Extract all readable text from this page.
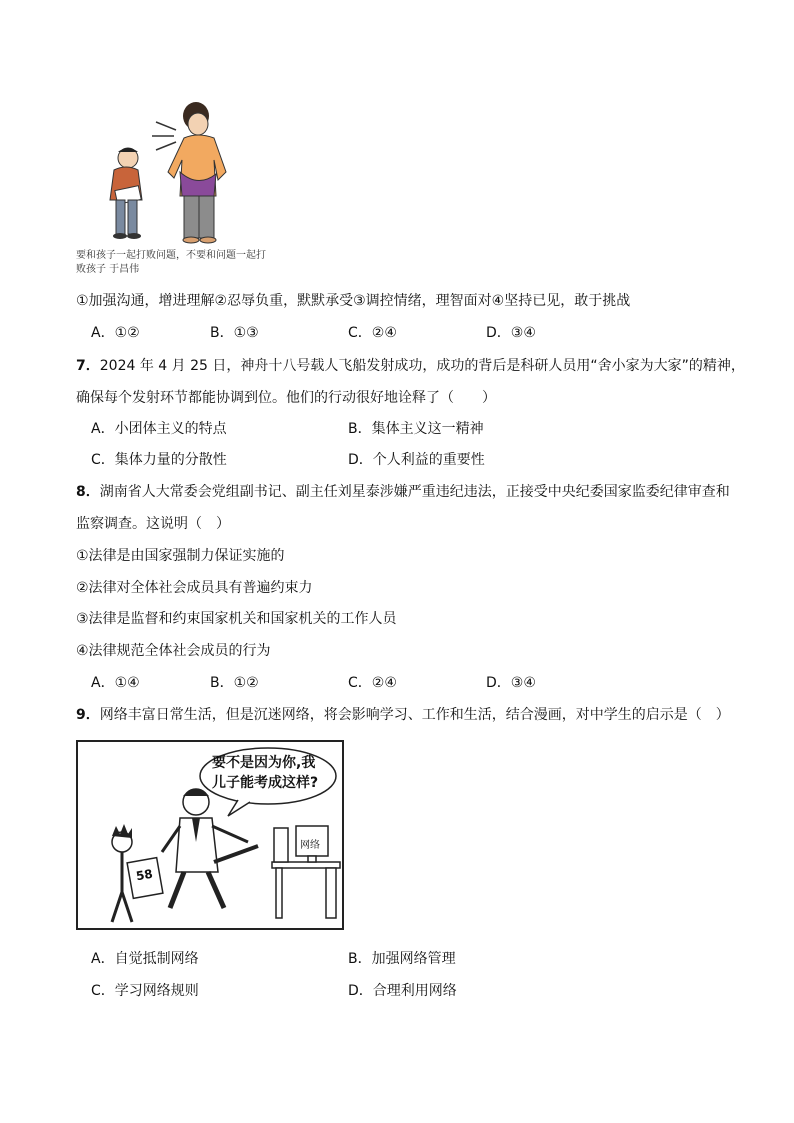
要和孩子一起打败问题，不要和问题一起打
败孩子 于昌伟
①加强沟通，增进理解②忍辱负重，默默承受③调控情绪，理智面对④坚持已见，敢于挑战
A．①②	B．①③	C．②④	D．③④
7．2024 年 4 月 25 日，神舟十八号载人飞船发射成功，成功的背后是科研人员用“舍小家为大家”的精神，
确保每个发射环节都能协调到位。他们的行动很好地诠释了（　　）
A．小团体主义的特点	B．集体主义这一精神
C．集体力量的分散性	D．个人利益的重要性
8．湖南省人大常委会党组副书记、副主任刘星泰涉嫌严重违纪违法，正接受中央纪委国家监委纪律审查和
监察调查。这说明（　）
①法律是由国家强制力保证实施的
②法律对全体社会成员具有普遍约束力
③法律是监督和约束国家机关和国家机关的工作人员
④法律规范全体社会成员的行为
A．①④	B．①②	C．②④	D．③④
9．网络丰富日常生活，但是沉迷网络，将会影响学习、工作和生活，结合漫画，对中学生的启示是（　）
要不是因为你,我
儿子能考成这样?
58
网络
A．自觉抵制网络	B．加强网络管理
C．学习网络规则	D．合理利用网络
